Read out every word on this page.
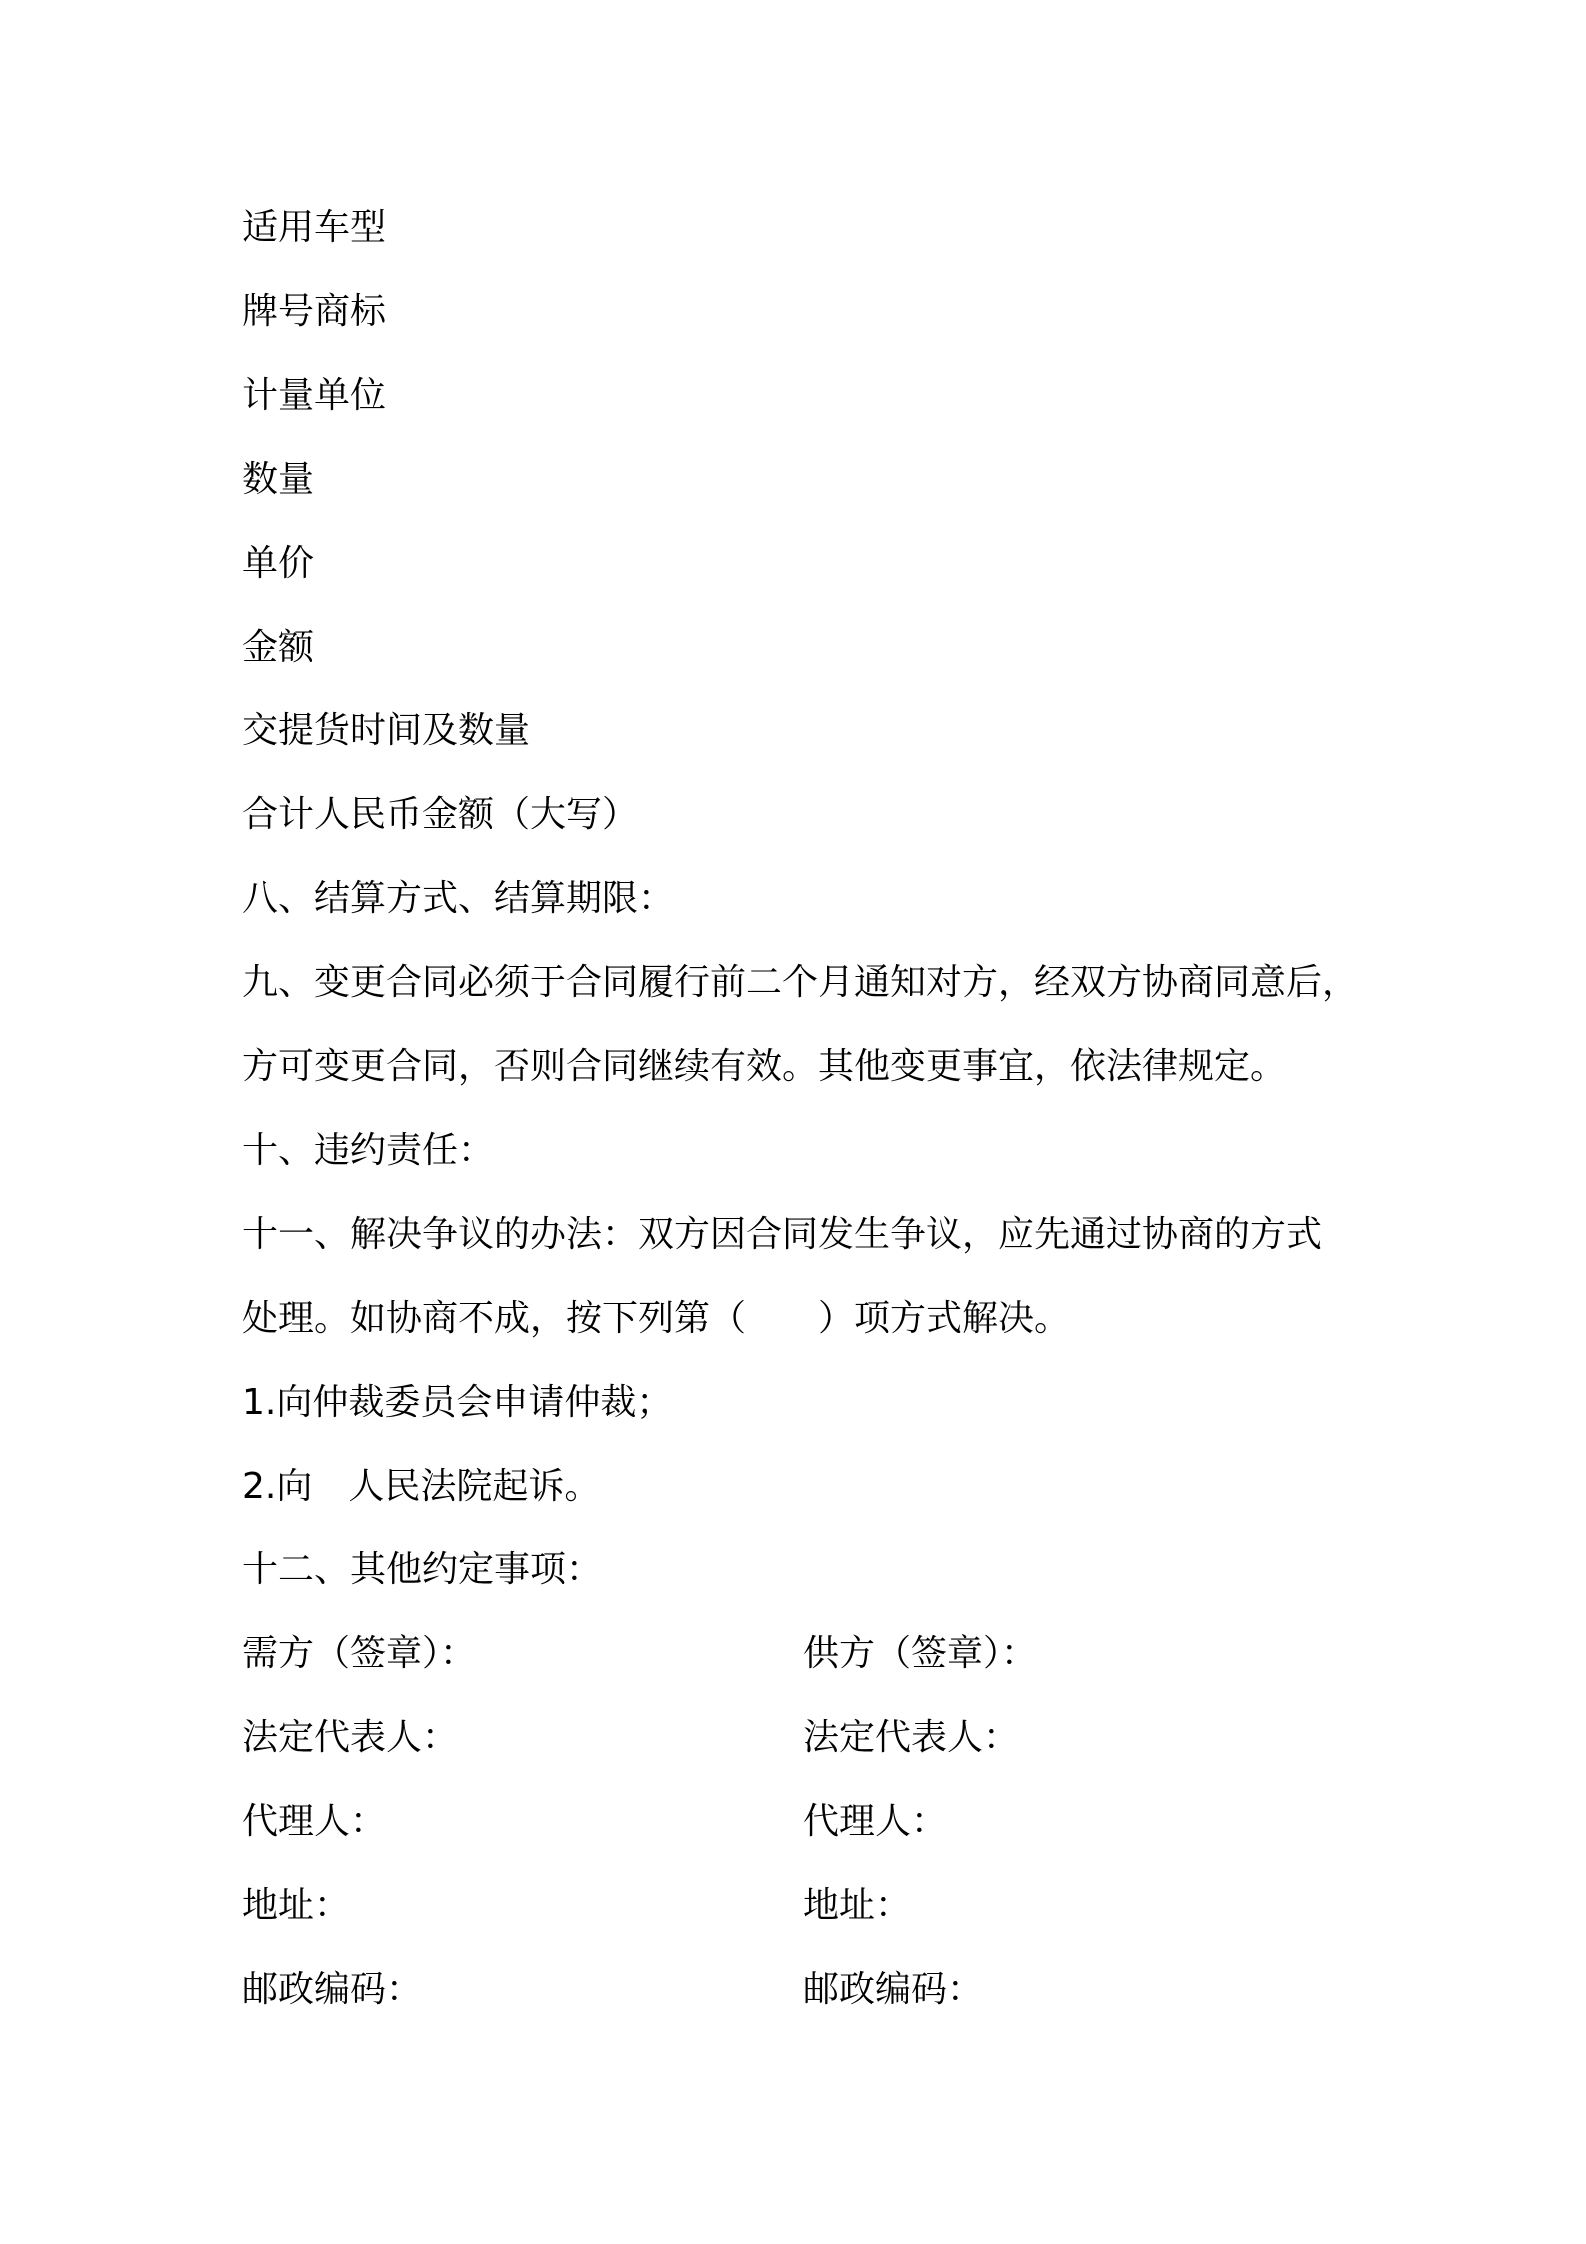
适用车型
牌号商标
计量单位
数量
单价
金额
交提货时间及数量
合计人民币金额（大写）
八、结算方式、结算期限：
九、变更合同必须于合同履行前二个月通知对方，经双方协商同意后，
方可变更合同，否则合同继续有效。其他变更事宜，依法律规定。
十、违约责任：
十一、解决争议的办法：双方因合同发生争议，应先通过协商的方式
处理。如协商不成，按下列第（　　）项方式解决。
1.向仲裁委员会申请仲裁；
2.向　人民法院起诉。
十二、其他约定事项：
需方（签章）：
法定代表人：
代理人：
地址：
邮政编码：
供方（签章）：
法定代表人：
代理人：
地址：
邮政编码：
